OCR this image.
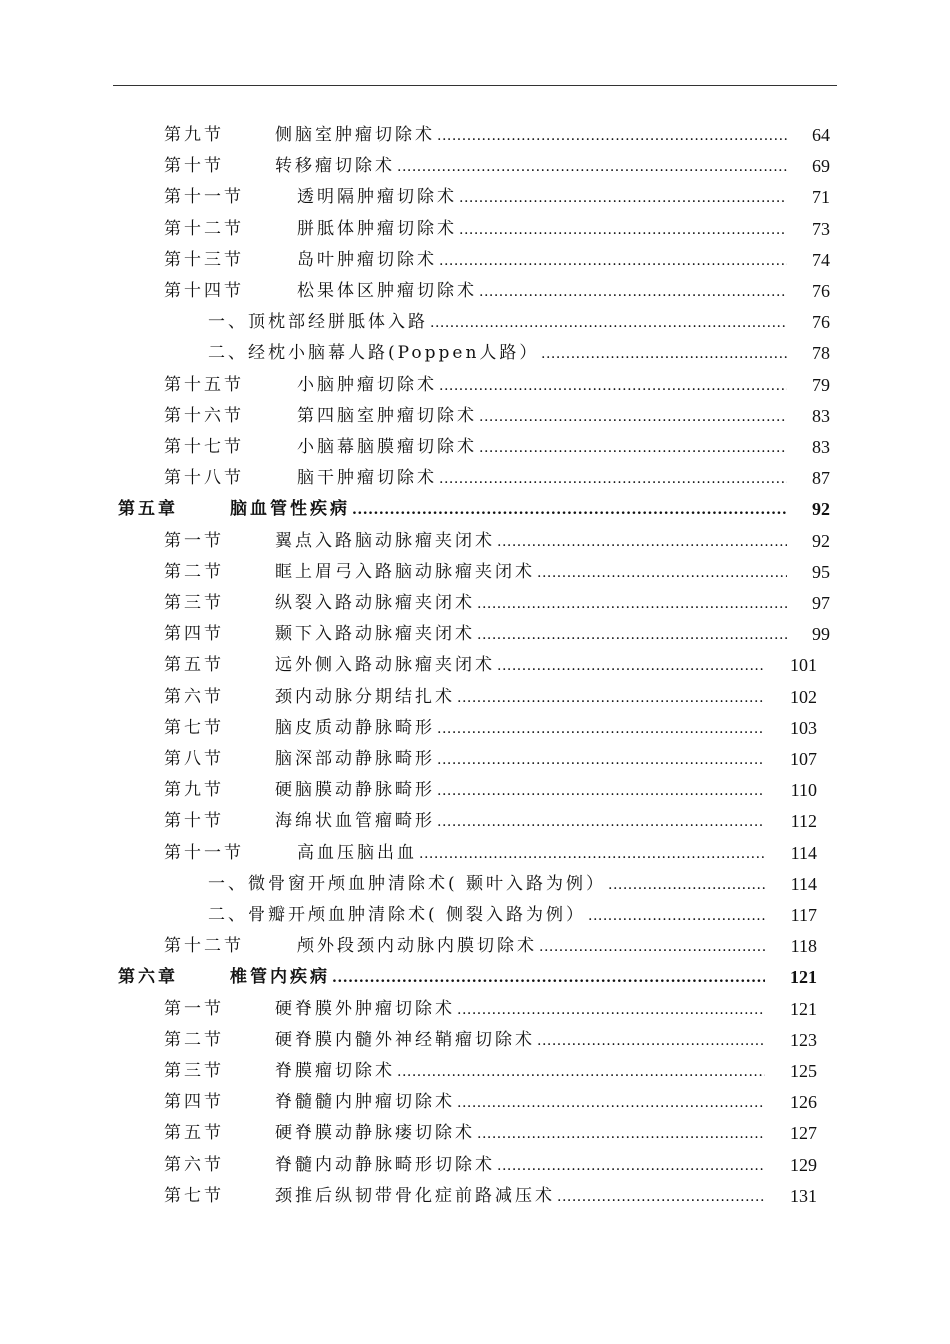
第九节	侧脑室肿瘤切除术 .....	64
第十节	转移瘤切除术 .....	69
第十一节	透明隔肿瘤切除术 .....	71
第十二节	胼胝体肿瘤切除术 .....	73
第十三节	岛叶肿瘤切除术 .....	74
第十四节	松果体区肿瘤切除术 .....	76
一、顶枕部经胼胝体入路 .....	76
二、经枕小脑幕人路(Poppen人路） .....	78
第十五节	小脑肿瘤切除术 .....	79
第十六节	第四脑室肿瘤切除术 .....	83
第十七节	小脑幕脑膜瘤切除术 .....	83
第十八节	脑干肿瘤切除术 .....	87
第五章	脑血管性疾病 .....	92
第一节	翼点入路脑动脉瘤夹闭术 .....	92
第二节	眶上眉弓入路脑动脉瘤夹闭术 .....	95
第三节	纵裂入路动脉瘤夹闭术 .....	97
第四节	颞下入路动脉瘤夹闭术 .....	99
第五节	远外侧入路动脉瘤夹闭术 .....	101
第六节	颈内动脉分期结扎术 .....	102
第七节	脑皮质动静脉畸形 .....	103
第八节	脑深部动静脉畸形 .....	107
第九节	硬脑膜动静脉畸形 .....	110
第十节	海绵状血管瘤畸形 .....	112
第十一节	高血压脑出血 .....	114
一、微骨窗开颅血肿清除术( 颞叶入路为例） .....	114
二、骨瓣开颅血肿清除术( 侧裂入路为例） .....	117
第十二节	颅外段颈内动脉内膜切除术 .....	118
第六章	椎管内疾病 .....	121
第一节	硬脊膜外肿瘤切除术 .....	121
第二节	硬脊膜内髓外神经鞘瘤切除术 .....	123
第三节	脊膜瘤切除术 .....	125
第四节	脊髓髓内肿瘤切除术 .....	126
第五节	硬脊膜动静脉瘘切除术 .....	127
第六节	脊髓内动静脉畸形切除术 .....	129
第七节	颈推后纵韧带骨化症前路减压术 .....	131
